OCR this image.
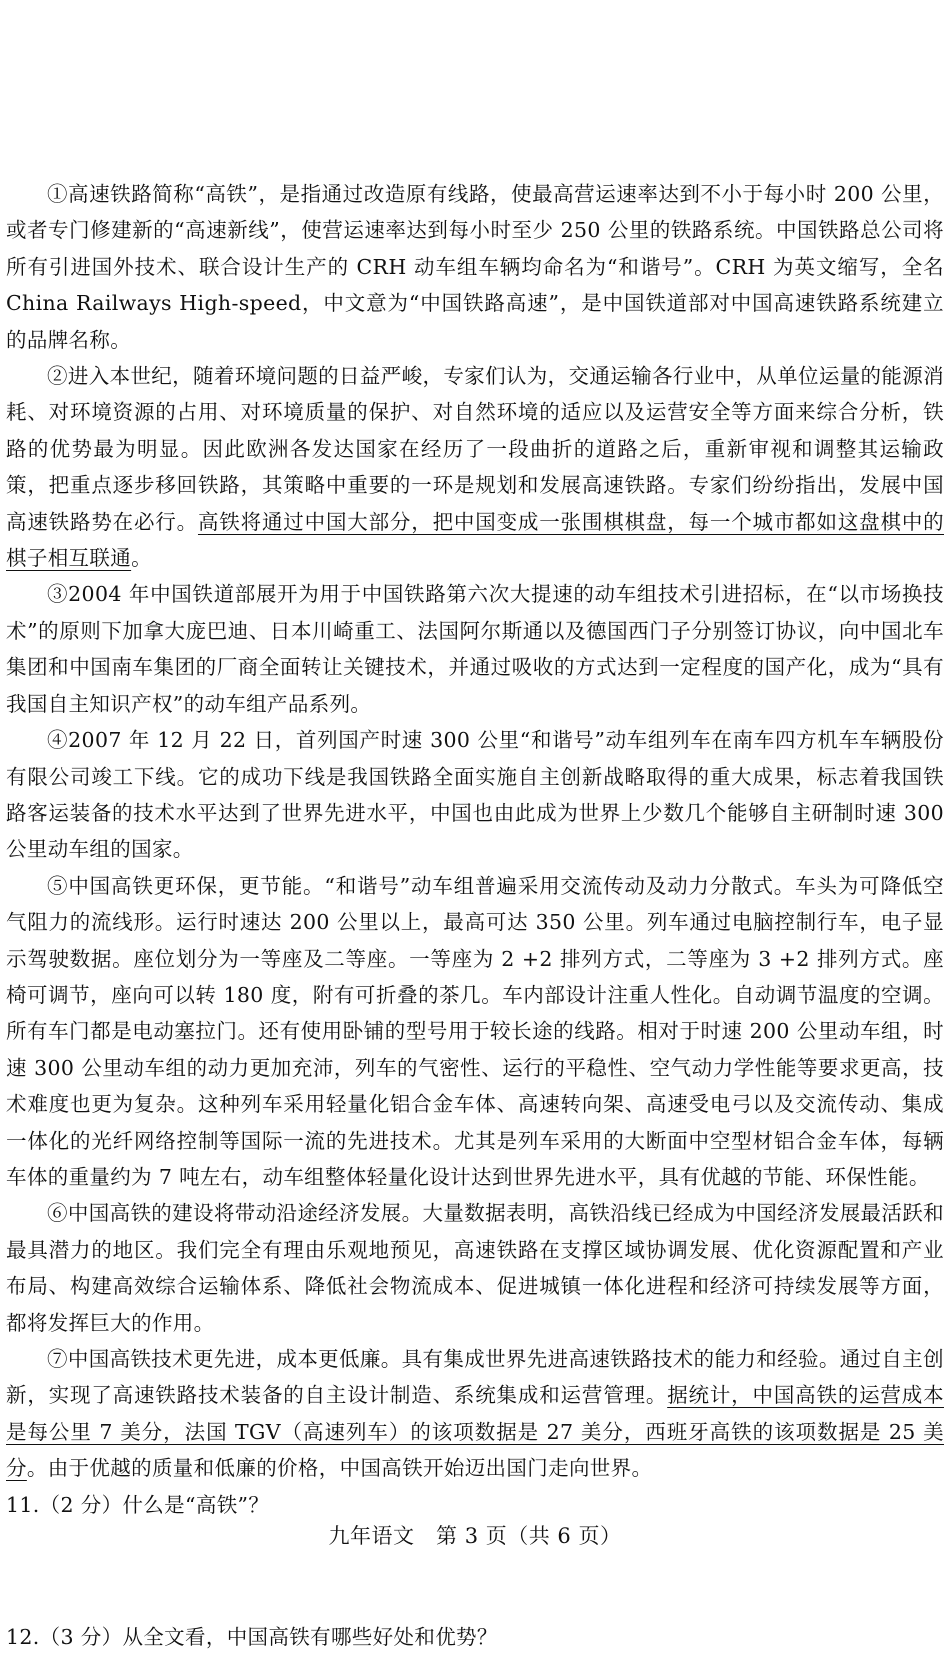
①高速铁路简称“高铁”，是指通过改造原有线路，使最高营运速率达到不小于每小时 200 公里，或者专门修建新的“高速新线”，使营运速率达到每小时至少 250 公里的铁路系统。中国铁路总公司将所有引进国外技术、联合设计生产的 CRH 动车组车辆均命名为“和谐号”。CRH 为英文缩写，全名 China Railways High-speed，中文意为“中国铁路高速”，是中国铁道部对中国高速铁路系统建立的品牌名称。

②进入本世纪，随着环境问题的日益严峻，专家们认为，交通运输各行业中，从单位运量的能源消耗、对环境资源的占用、对环境质量的保护、对自然环境的适应以及运营安全等方面来综合分析，铁路的优势最为明显。因此欧洲各发达国家在经历了一段曲折的道路之后，重新审视和调整其运输政策，把重点逐步移回铁路，其策略中重要的一环是规划和发展高速铁路。专家们纷纷指出，发展中国高速铁路势在必行。高铁将通过中国大部分，把中国变成一张围棋棋盘，每一个城市都如这盘棋中的棋子相互联通。

③2004 年中国铁道部展开为用于中国铁路第六次大提速的动车组技术引进招标，在“以市场换技术”的原则下加拿大庞巴迪、日本川崎重工、法国阿尔斯通以及德国西门子分别签订协议，向中国北车集团和中国南车集团的厂商全面转让关键技术，并通过吸收的方式达到一定程度的国产化，成为“具有我国自主知识产权”的动车组产品系列。

④2007 年 12 月 22 日，首列国产时速 300 公里“和谐号”动车组列车在南车四方机车车辆股份有限公司竣工下线。它的成功下线是我国铁路全面实施自主创新战略取得的重大成果，标志着我国铁路客运装备的技术水平达到了世界先进水平，中国也由此成为世界上少数几个能够自主研制时速 300 公里动车组的国家。

⑤中国高铁更环保，更节能。“和谐号”动车组普遍采用交流传动及动力分散式。车头为可降低空气阻力的流线形。运行时速达 200 公里以上，最高可达 350 公里。列车通过电脑控制行车，电子显示驾驶数据。座位划分为一等座及二等座。一等座为 2 +2 排列方式，二等座为 3 +2 排列方式。座椅可调节，座向可以转 180 度，附有可折叠的茶几。车内部设计注重人性化。自动调节温度的空调。所有车门都是电动塞拉门。还有使用卧铺的型号用于较长途的线路。相对于时速 200 公里动车组，时速 300 公里动车组的动力更加充沛，列车的气密性、运行的平稳性、空气动力学性能等要求更高，技术难度也更为复杂。这种列车采用轻量化铝合金车体、高速转向架、高速受电弓以及交流传动、集成一体化的光纤网络控制等国际一流的先进技术。尤其是列车采用的大断面中空型材铝合金车体，每辆车体的重量约为 7 吨左右，动车组整体轻量化设计达到世界先进水平，具有优越的节能、环保性能。

⑥中国高铁的建设将带动沿途经济发展。大量数据表明，高铁沿线已经成为中国经济发展最活跃和最具潜力的地区。我们完全有理由乐观地预见，高速铁路在支撑区域协调发展、优化资源配置和产业布局、构建高效综合运输体系、降低社会物流成本、促进城镇一体化进程和经济可持续发展等方面，都将发挥巨大的作用。

⑦中国高铁技术更先进，成本更低廉。具有集成世界先进高速铁路技术的能力和经验。通过自主创新，实现了高速铁路技术装备的自主设计制造、系统集成和运营管理。据统计，中国高铁的运营成本是每公里 7 美分，法国 TGV（高速列车）的该项数据是 27 美分，西班牙高铁的该项数据是 25 美分。由于优越的质量和低廉的价格，中国高铁开始迈出国门走向世界。

11.（2 分）什么是“高铁”？

12.（3 分）从全文看，中国高铁有哪些好处和优势？

九年语文　第 3 页（共 6 页）
